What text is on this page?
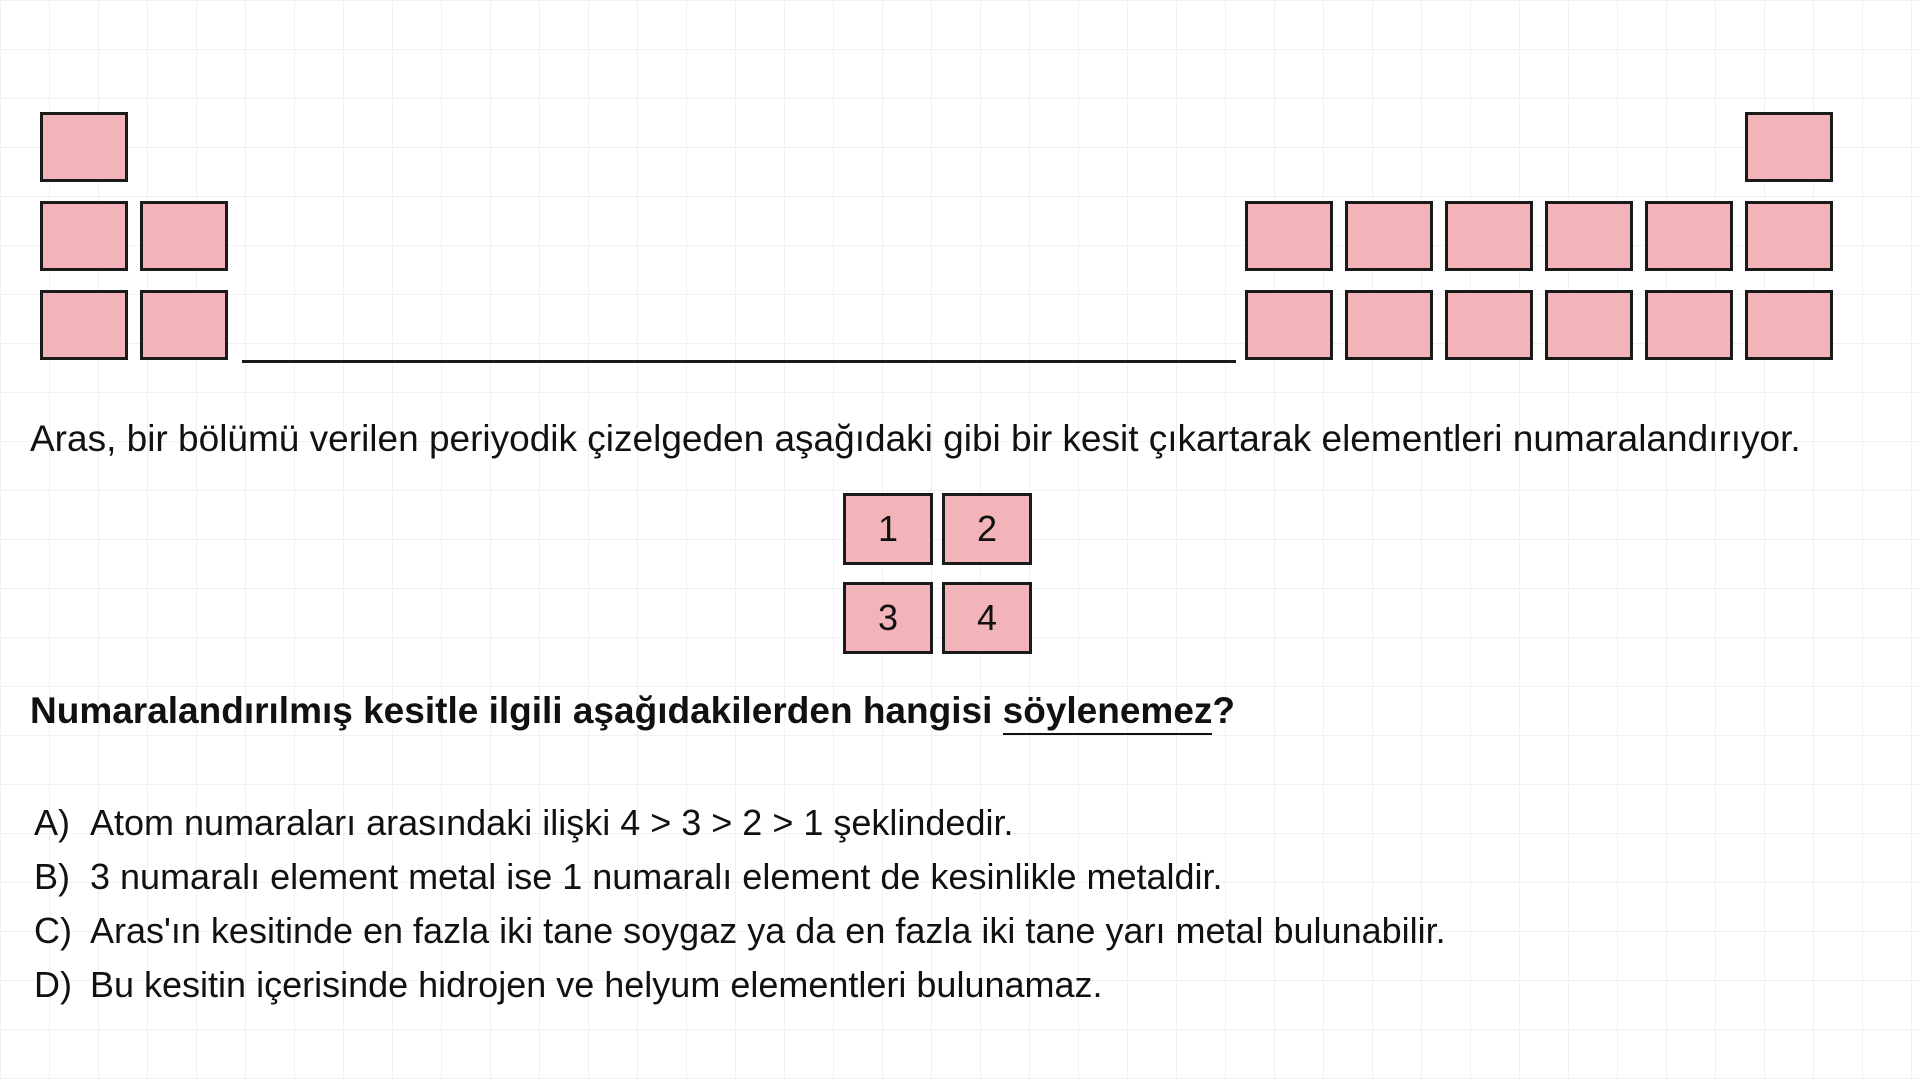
Aras, bir bölümü verilen periyodik çizelgeden aşağıdaki gibi bir kesit çıkartarak elementleri numaralandırıyor.
1	2
3	4
Numaralandırılmış kesitle ilgili aşağıdakilerden hangisi söylenemez?
A) Atom numaraları arasındaki ilişki 4 > 3 > 2 > 1 şeklindedir.
B) 3 numaralı element metal ise 1 numaralı element de kesinlikle metaldir.
C) Aras'ın kesitinde en fazla iki tane soygaz ya da en fazla iki tane yarı metal bulunabilir.
D) Bu kesitin içerisinde hidrojen ve helyum elementleri bulunamaz.
